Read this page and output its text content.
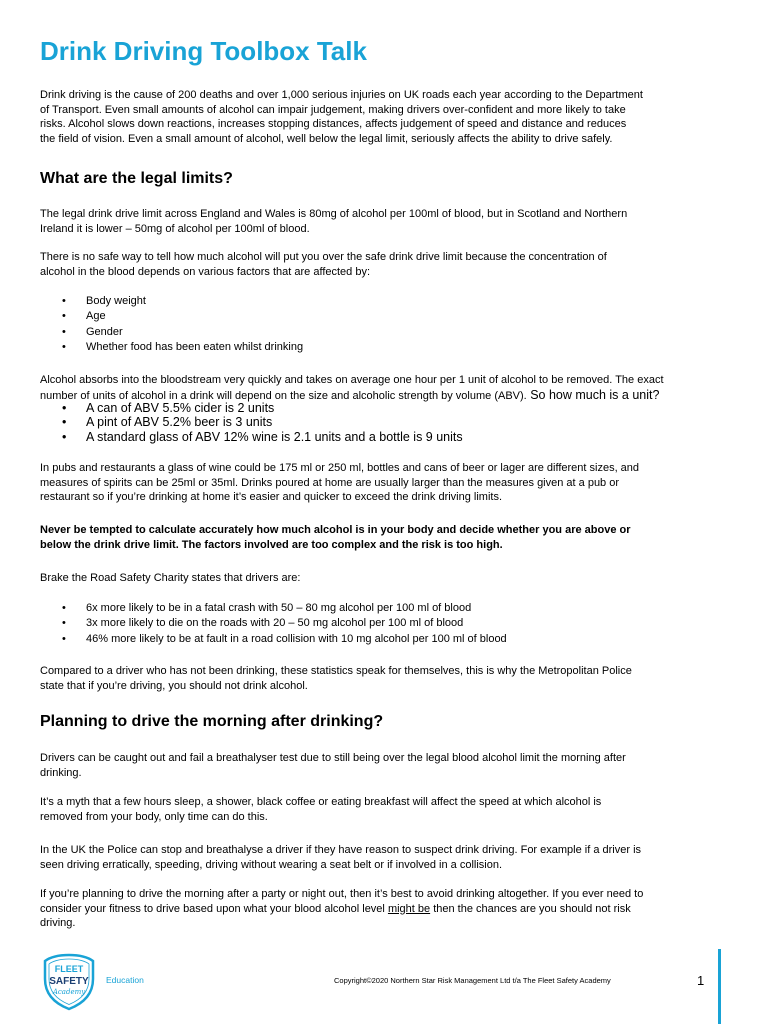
Drink Driving Toolbox Talk

Drink driving is the cause of 200 deaths and over 1,000 serious injuries on UK roads each year according to the Department
of Transport. Even small amounts of alcohol can impair judgement, making drivers over-confident and more likely to take
risks. Alcohol slows down reactions, increases stopping distances, affects judgement of speed and distance and reduces
the field of vision. Even a small amount of alcohol, well below the legal limit, seriously affects the ability to drive safely.

What are the legal limits?

The legal drink drive limit across England and Wales is 80mg of alcohol per 100ml of blood, but in Scotland and Northern
Ireland it is lower – 50mg of alcohol per 100ml of blood.

There is no safe way to tell how much alcohol will put you over the safe drink drive limit because the concentration of
alcohol in the blood depends on various factors that are affected by:

• Body weight
• Age
• Gender
• Whether food has been eaten whilst drinking

Alcohol absorbs into the bloodstream very quickly and takes on average one hour per 1 unit of alcohol to be removed. The exact
number of units of alcohol in a drink will depend on the size and alcoholic strength by volume (ABV). So how much is a unit?

• A can of ABV 5.5% cider is 2 units
• A pint of ABV 5.2% beer is 3 units
• A standard glass of ABV 12% wine is 2.1 units and a bottle is 9 units

In pubs and restaurants a glass of wine could be 175 ml or 250 ml, bottles and cans of beer or lager are different sizes, and
measures of spirits can be 25ml or 35ml. Drinks poured at home are usually larger than the measures given at a pub or
restaurant so if you’re drinking at home it’s easier and quicker to exceed the drink driving limits.

Never be tempted to calculate accurately how much alcohol is in your body and decide whether you are above or
below the drink drive limit. The factors involved are too complex and the risk is too high.

Brake the Road Safety Charity states that drivers are:

• 6x more likely to be in a fatal crash with 50 – 80 mg alcohol per 100 ml of blood
• 3x more likely to die on the roads with 20 – 50 mg alcohol per 100 ml of blood
• 46% more likely to be at fault in a road collision with 10 mg alcohol per 100 ml of blood

Compared to a driver who has not been drinking, these statistics speak for themselves, this is why the Metropolitan Police
state that if you’re driving, you should not drink alcohol.

Planning to drive the morning after drinking?

Drivers can be caught out and fail a breathalyser test due to still being over the legal blood alcohol limit the morning after
drinking.

It’s a myth that a few hours sleep, a shower, black coffee or eating breakfast will affect the speed at which alcohol is
removed from your body, only time can do this.

In the UK the Police can stop and breathalyse a driver if they have reason to suspect drink driving. For example if a driver is
seen driving erratically, speeding, driving without wearing a seat belt or if involved in a collision.

If you’re planning to drive the morning after a party or night out, then it’s best to avoid drinking altogether. If you ever need to
consider your fitness to drive based upon what your blood alcohol level might be then the chances are you should not risk
driving.

FLEET
SAFETY
Academy
Education	Copyright©2020 Northern Star Risk Management Ltd t/a The Fleet Safety Academy	1
